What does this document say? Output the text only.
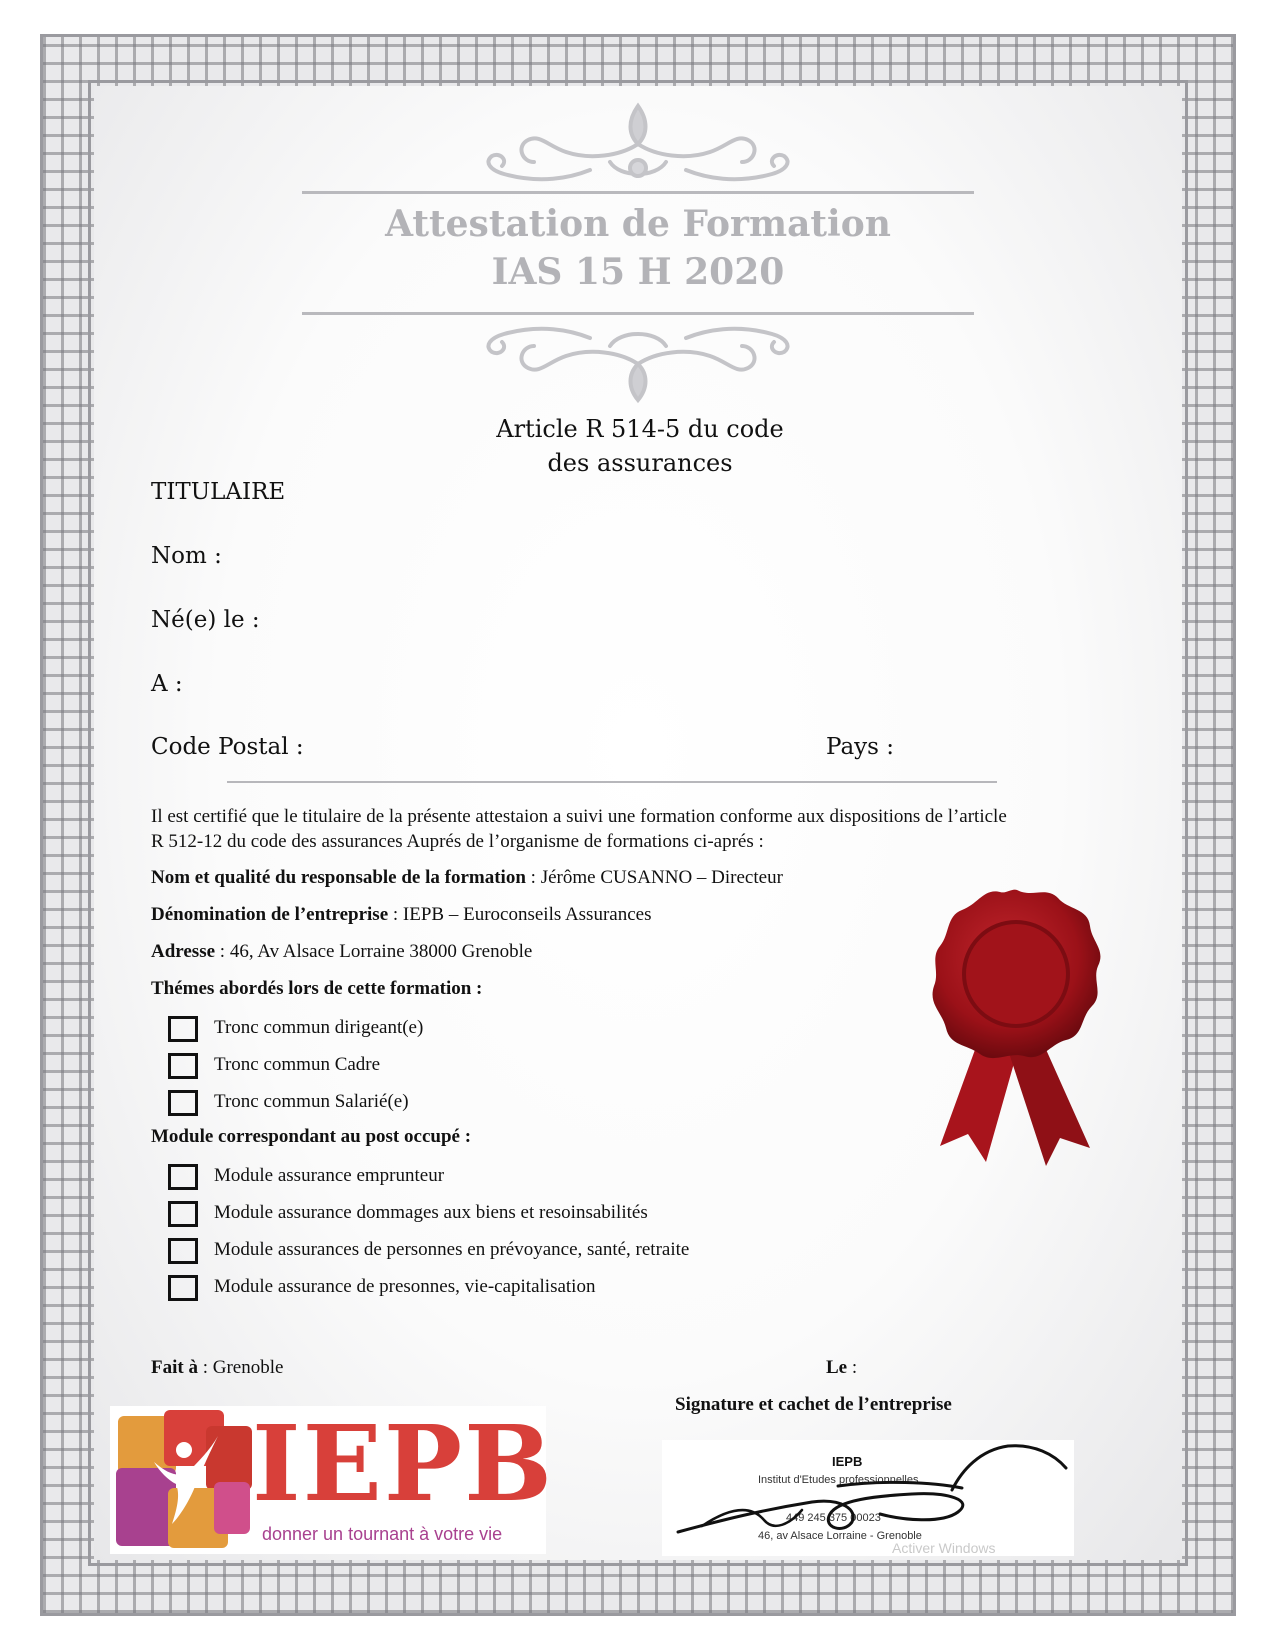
Attestation de Formation
IAS 15 H 2020
Article R 514-5 du code
des assurances
TITULAIRE
Nom :
Né(e) le :
A :
Code Postal :	Pays :
Il est certifié que le titulaire de la présente attestaion a suivi une formation conforme aux dispositions de l’article
R 512-12 du code des assurances Auprés de l’organisme de formations ci-aprés :
Nom et qualité du responsable de la formation : Jérôme CUSANNO – Directeur
Dénomination de l’entreprise : IEPB – Euroconseils Assurances
Adresse : 46, Av Alsace Lorraine 38000 Grenoble
Thémes abordés lors de cette formation :
Tronc commun dirigeant(e)
Tronc commun Cadre
Tronc commun Salarié(e)
Module correspondant au post occupé :
Module assurance emprunteur
Module assurance dommages aux biens et resoinsabilités
Module assurances de personnes en prévoyance, santé, retraite
Module assurance de presonnes, vie-capitalisation
Fait à : Grenoble	Le :
Signature et cachet de l’entreprise
IEPB
donner un tournant à votre vie
IEPB
Institut d'Etudes professionnelles
449 245 375 00023
46, av Alsace Lorraine - Grenoble
Activer Windows
